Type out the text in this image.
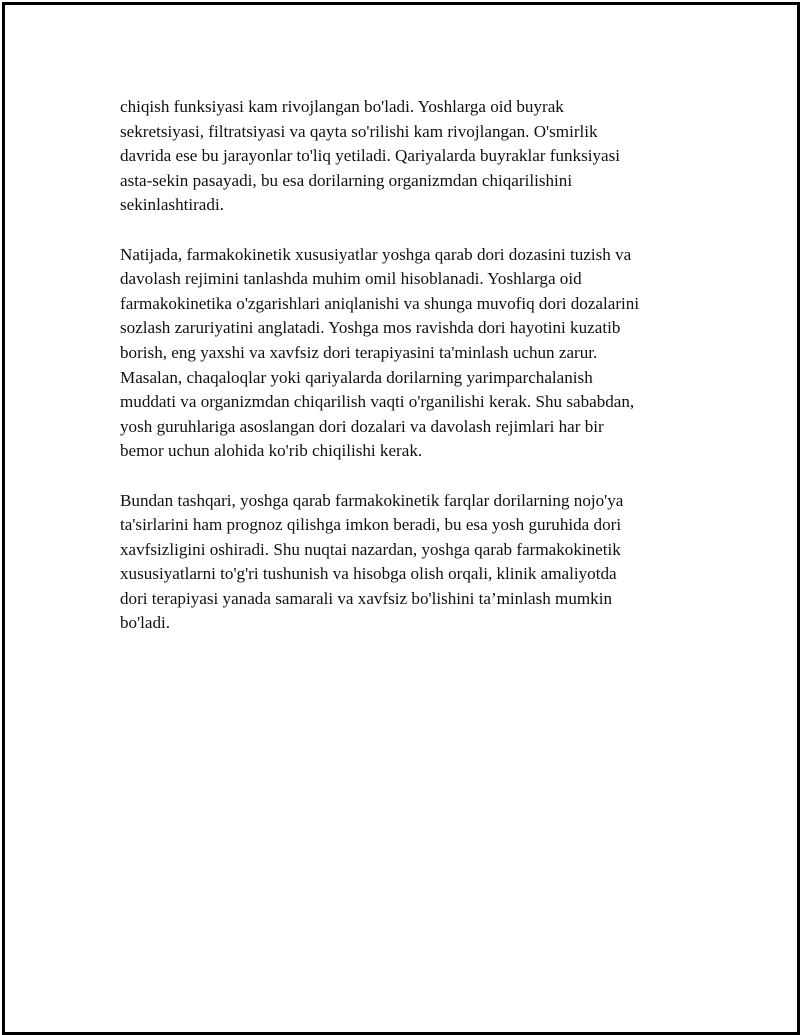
chiqish funksiyasi kam rivojlangan bo'ladi. Yoshlarga oid buyrak
sekretsiyasi, filtratsiyasi va qayta so'rilishi kam rivojlangan. O'smirlik
davrida ese bu jarayonlar to'liq yetiladi. Qariyalarda buyraklar funksiyasi
asta-sekin pasayadi, bu esa dorilarning organizmdan chiqarilishini
sekinlashtiradi.

Natijada, farmakokinetik xususiyatlar yoshga qarab dori dozasini tuzish va
davolash rejimini tanlashda muhim omil hisoblanadi. Yoshlarga oid
farmakokinetika o'zgarishlari aniqlanishi va shunga muvofiq dori dozalarini
sozlash zaruriyatini anglatadi. Yoshga mos ravishda dori hayotini kuzatib
borish, eng yaxshi va xavfsiz dori terapiyasini ta'minlash uchun zarur.
Masalan, chaqaloqlar yoki qariyalarda dorilarning yarimparchalanish
muddati va organizmdan chiqarilish vaqti o'rganilishi kerak. Shu sababdan,
yosh guruhlariga asoslangan dori dozalari va davolash rejimlari har bir
bemor uchun alohida ko'rib chiqilishi kerak.

Bundan tashqari, yoshga qarab farmakokinetik farqlar dorilarning nojo'ya
ta'sirlarini ham prognoz qilishga imkon beradi, bu esa yosh guruhida dori
xavfsizligini oshiradi. Shu nuqtai nazardan, yoshga qarab farmakokinetik
xususiyatlarni to'g'ri tushunish va hisobga olish orqali, klinik amaliyotda
dori terapiyasi yanada samarali va xavfsiz bo'lishini ta’minlash mumkin
bo'ladi.
